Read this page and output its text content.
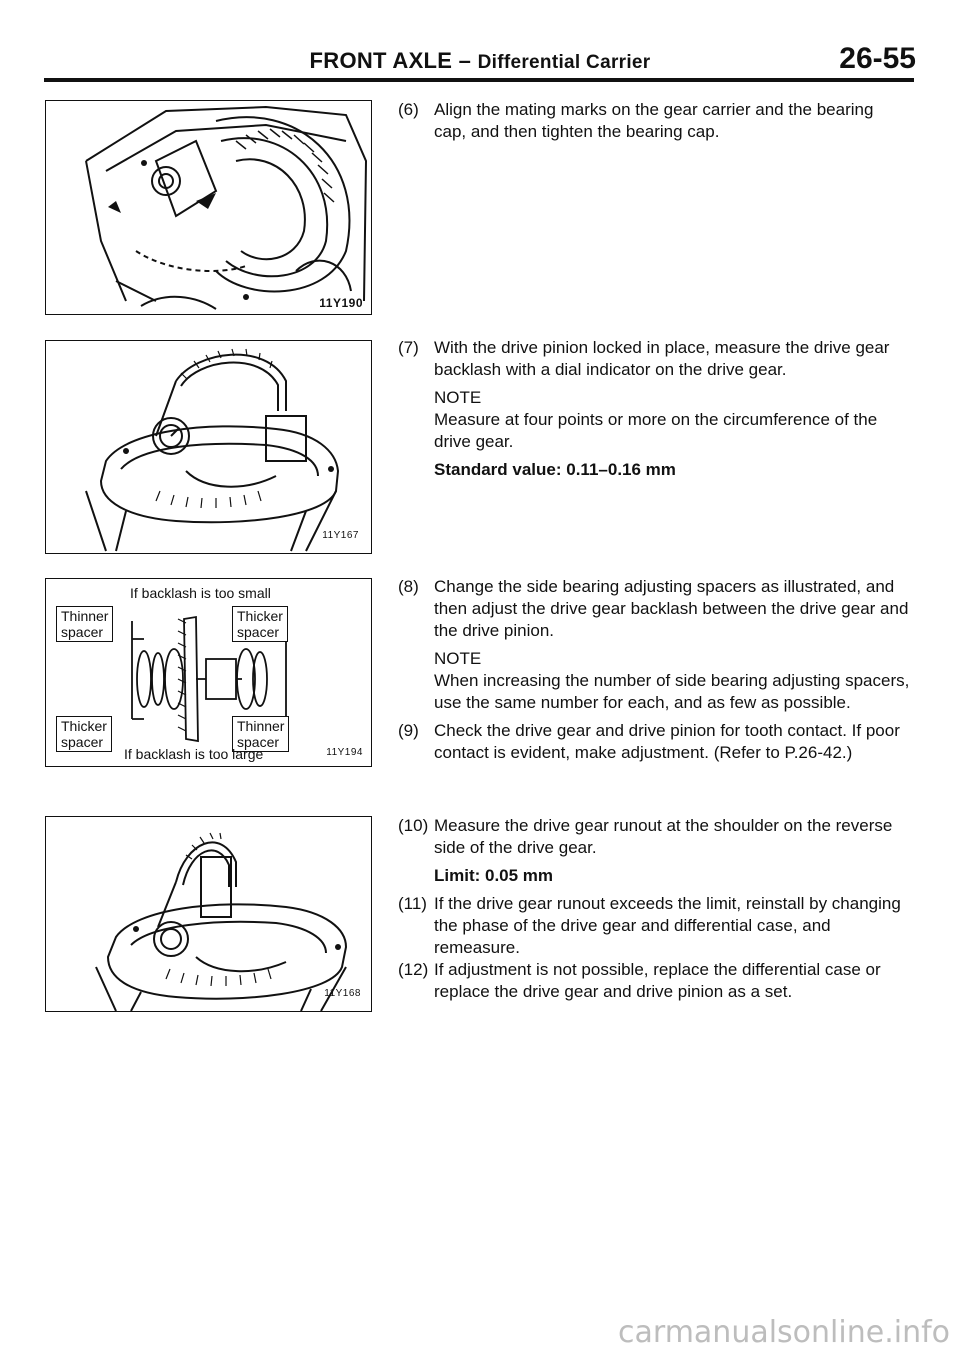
FRONT AXLE – Differential Carrier	26-55
11Y190
11Y167
If backlash is too small
Thinner
spacer
Thicker
spacer
Thicker
spacer
Thinner
spacer
If backlash is too large	11Y194
11Y168
(6) Align the mating marks on the gear carrier and the bearing cap, and then tighten the bearing cap.
(7) With the drive pinion locked in place, measure the drive gear backlash with a dial indicator on the drive gear.

NOTE

Measure at four points or more on the circumference of the drive gear.

Standard value: 0.11–0.16 mm

(8) Change the side bearing adjusting spacers as illustrated, and then adjust the drive gear backlash between the drive gear and the drive pinion.

NOTE

When increasing the number of side bearing adjusting spacers, use the same number for each, and as few as possible.

(9) Check the drive gear and drive pinion for tooth contact. If poor contact is evident, make adjustment. (Refer to P.26-42.)
(10) Measure the drive gear runout at the shoulder on the reverse side of the drive gear.

Limit: 0.05 mm

(11) If the drive gear runout exceeds the limit, reinstall by changing the phase of the drive gear and differential case, and remeasure.
(12) If adjustment is not possible, replace the differential case or replace the drive gear and drive pinion as a set.
carmanualsonline.info
